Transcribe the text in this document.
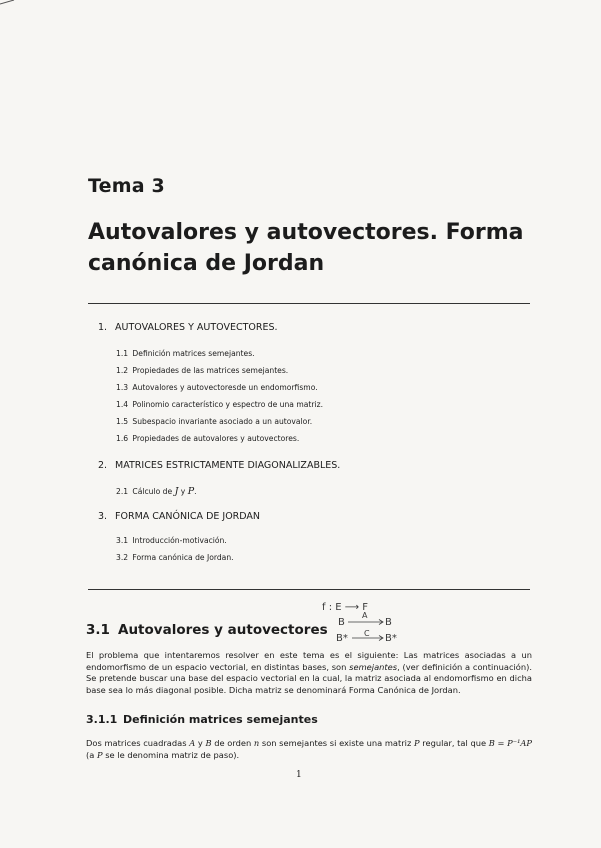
Tema 3
Autovalores y autovectores. Forma canónica de Jordan
1. AUTOVALORES Y AUTOVECTORES.
1.1 Definición matrices semejantes.
1.2 Propiedades de las matrices semejantes.
1.3 Autovalores y autovectoresde un endomorfismo.
1.4 Polinomio característico y espectro de una matriz.
1.5 Subespacio invariante asociado a un autovalor.
1.6 Propiedades de autovalores y autovectores.
2. MATRICES ESTRICTAMENTE DIAGONALIZABLES.
2.1 Cálculo de J y P.
3. FORMA CANÓNICA DE JORDAN
3.1 Introducción-motivación.
3.2 Forma canónica de Jordan.
f : E ⟶ F
B
A
B
B* C B*
3.1 Autovalores y autovectores

El problema que intentaremos resolver en este tema es el siguiente: Las matrices asociadas a un endomorfismo de un espacio vectorial, en distintas bases, son semejantes, (ver definición a continuación). Se pretende buscar una base del espacio vectorial en la cual, la matriz asociada al endomorfismo en dicha base sea lo más diagonal posible. Dicha matriz se denominará Forma Canónica de Jordan.

3.1.1 Definición matrices semejantes

Dos matrices cuadradas A y B de orden n son semejantes si existe una matriz P regular, tal que B = P⁻¹AP (a P se le denomina matriz de paso).

1
